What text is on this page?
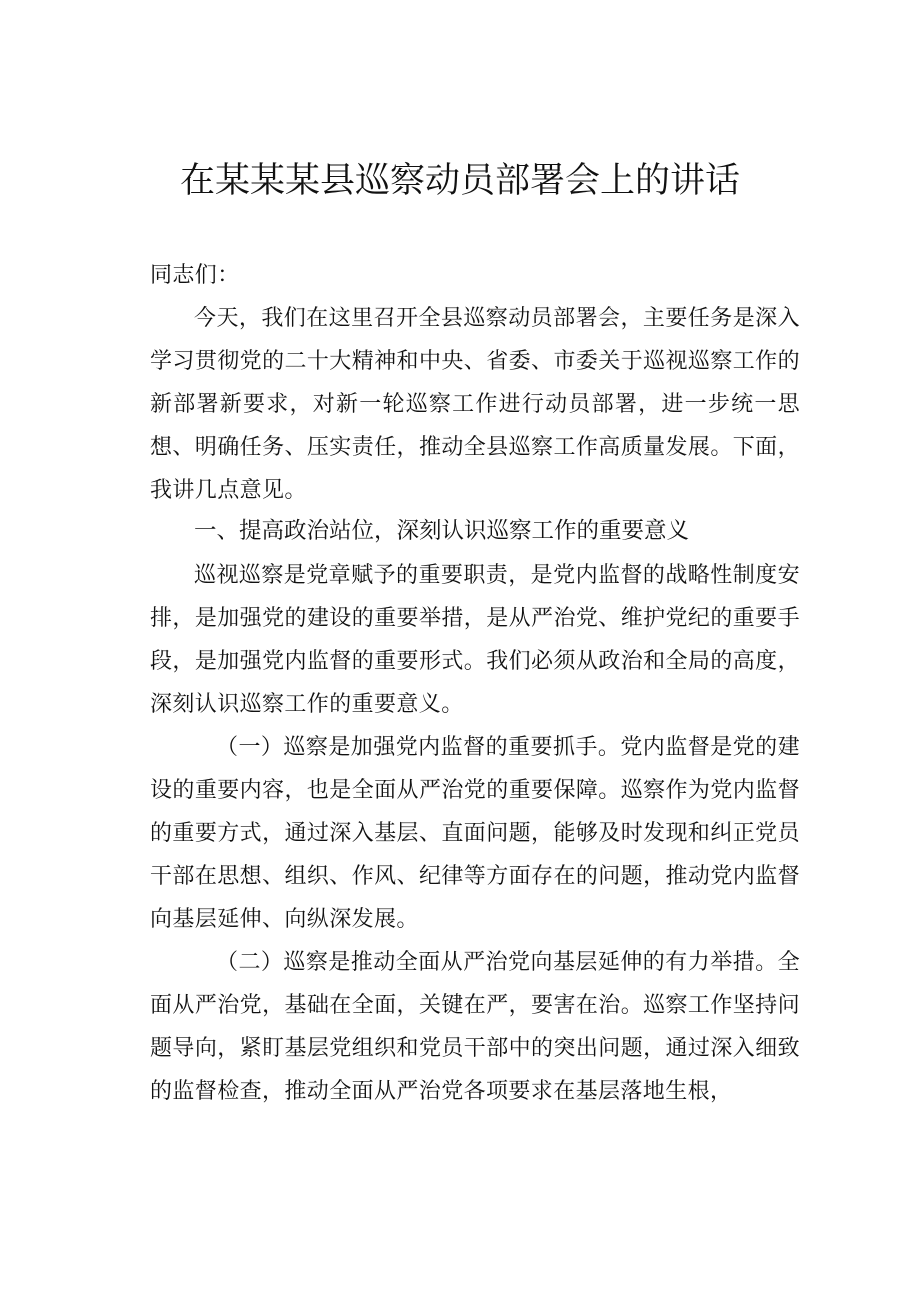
在某某某县巡察动员部署会上的讲话
同志们：
今天，我们在这里召开全县巡察动员部署会，主要任务是深入学习贯彻党的二十大精神和中央、省委、市委关于巡视巡察工作的新部署新要求，对新一轮巡察工作进行动员部署，进一步统一思想、明确任务、压实责任，推动全县巡察工作高质量发展。下面，我讲几点意见。
一、提高政治站位，深刻认识巡察工作的重要意义
巡视巡察是党章赋予的重要职责，是党内监督的战略性制度安排，是加强党的建设的重要举措，是从严治党、维护党纪的重要手段，是加强党内监督的重要形式。我们必须从政治和全局的高度，深刻认识巡察工作的重要意义。
（一）巡察是加强党内监督的重要抓手。党内监督是党的建设的重要内容，也是全面从严治党的重要保障。巡察作为党内监督的重要方式，通过深入基层、直面问题，能够及时发现和纠正党员干部在思想、组织、作风、纪律等方面存在的问题，推动党内监督向基层延伸、向纵深发展。
（二）巡察是推动全面从严治党向基层延伸的有力举措。全面从严治党，基础在全面，关键在严，要害在治。巡察工作坚持问题导向，紧盯基层党组织和党员干部中的突出问题，通过深入细致的监督检查，推动全面从严治党各项要求在基层落地生根，
